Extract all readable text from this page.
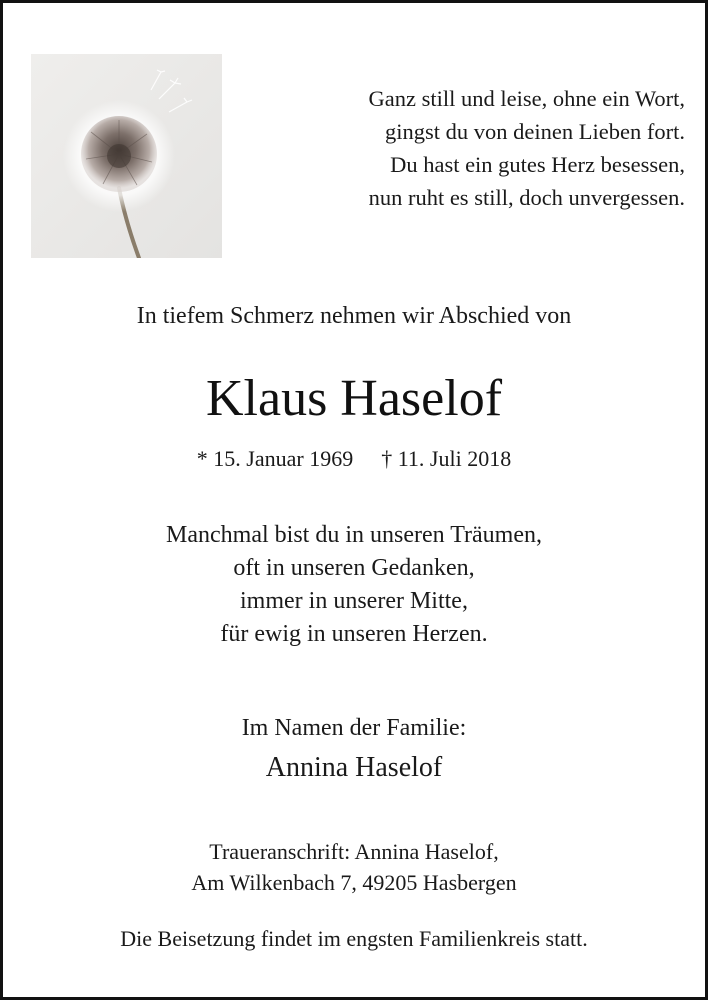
Ganz still und leise, ohne ein Wort,
gingst du von deinen Lieben fort.
Du hast ein gutes Herz besessen,
nun ruht es still, doch unvergessen.
In tiefem Schmerz nehmen wir Abschied von
Klaus Haselof
* 15. Januar 1969 † 11. Juli 2018
Manchmal bist du in unseren Träumen,
oft in unseren Gedanken,
immer in unserer Mitte,
für ewig in unseren Herzen.
Im Namen der Familie:
Annina Haselof
Traueranschrift: Annina Haselof,
Am Wilkenbach 7, 49205 Hasbergen
Die Beisetzung findet im engsten Familienkreis statt.
